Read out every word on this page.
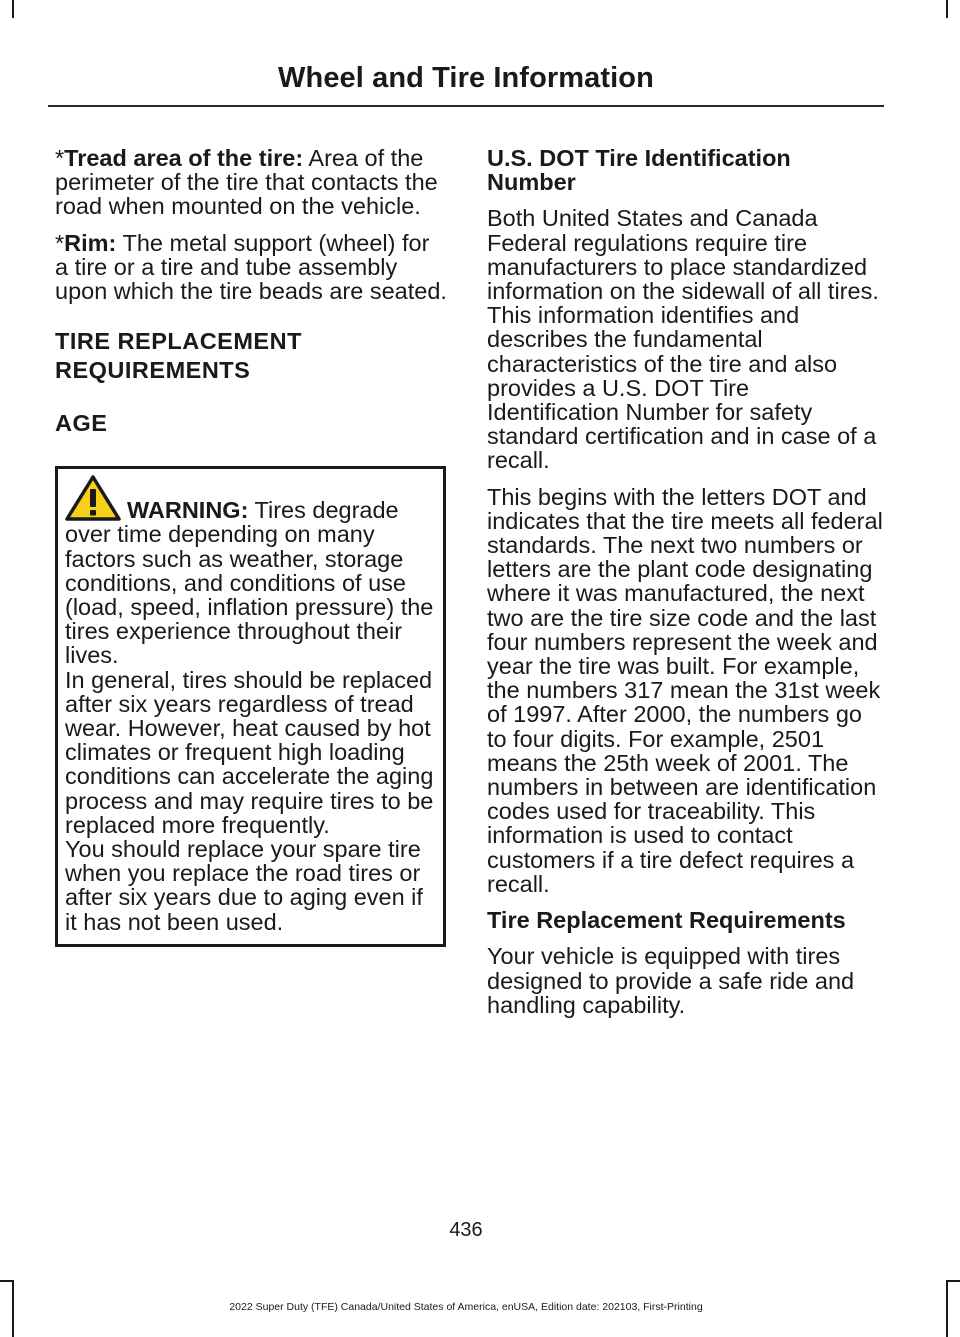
Wheel and Tire Information

*Tread area of the tire: Area of the perimeter of the tire that contacts the road when mounted on the vehicle.

*Rim: The metal support (wheel) for a tire or a tire and tube assembly upon which the tire beads are seated.

TIRE REPLACEMENT
REQUIREMENTS
AGE

WARNING: Tires degrade over time depending on many factors such as weather, storage conditions, and conditions of use (load, speed, inflation pressure) the tires experience throughout their lives.

In general, tires should be replaced after six years regardless of tread wear. However, heat caused by hot climates or frequent high loading conditions can accelerate the aging process and may require tires to be replaced more frequently.

You should replace your spare tire when you replace the road tires or after six years due to aging even if it has not been used.

U.S. DOT Tire Identification Number

Both United States and Canada Federal regulations require tire manufacturers to place standardized information on the sidewall of all tires. This information identifies and describes the fundamental characteristics of the tire and also provides a U.S. DOT Tire Identification Number for safety standard certification and in case of a recall.

This begins with the letters DOT and indicates that the tire meets all federal standards. The next two numbers or letters are the plant code designating where it was manufactured, the next two are the tire size code and the last four numbers represent the week and year the tire was built. For example, the numbers 317 mean the 31st week of 1997. After 2000, the numbers go to four digits. For example, 2501 means the 25th week of 2001. The numbers in between are identification codes used for traceability. This information is used to contact customers if a tire defect requires a recall.

Tire Replacement Requirements

Your vehicle is equipped with tires designed to provide a safe ride and handling capability.

436
2022 Super Duty (TFE) Canada/United States of America, enUSA, Edition date: 202103, First-Printing
